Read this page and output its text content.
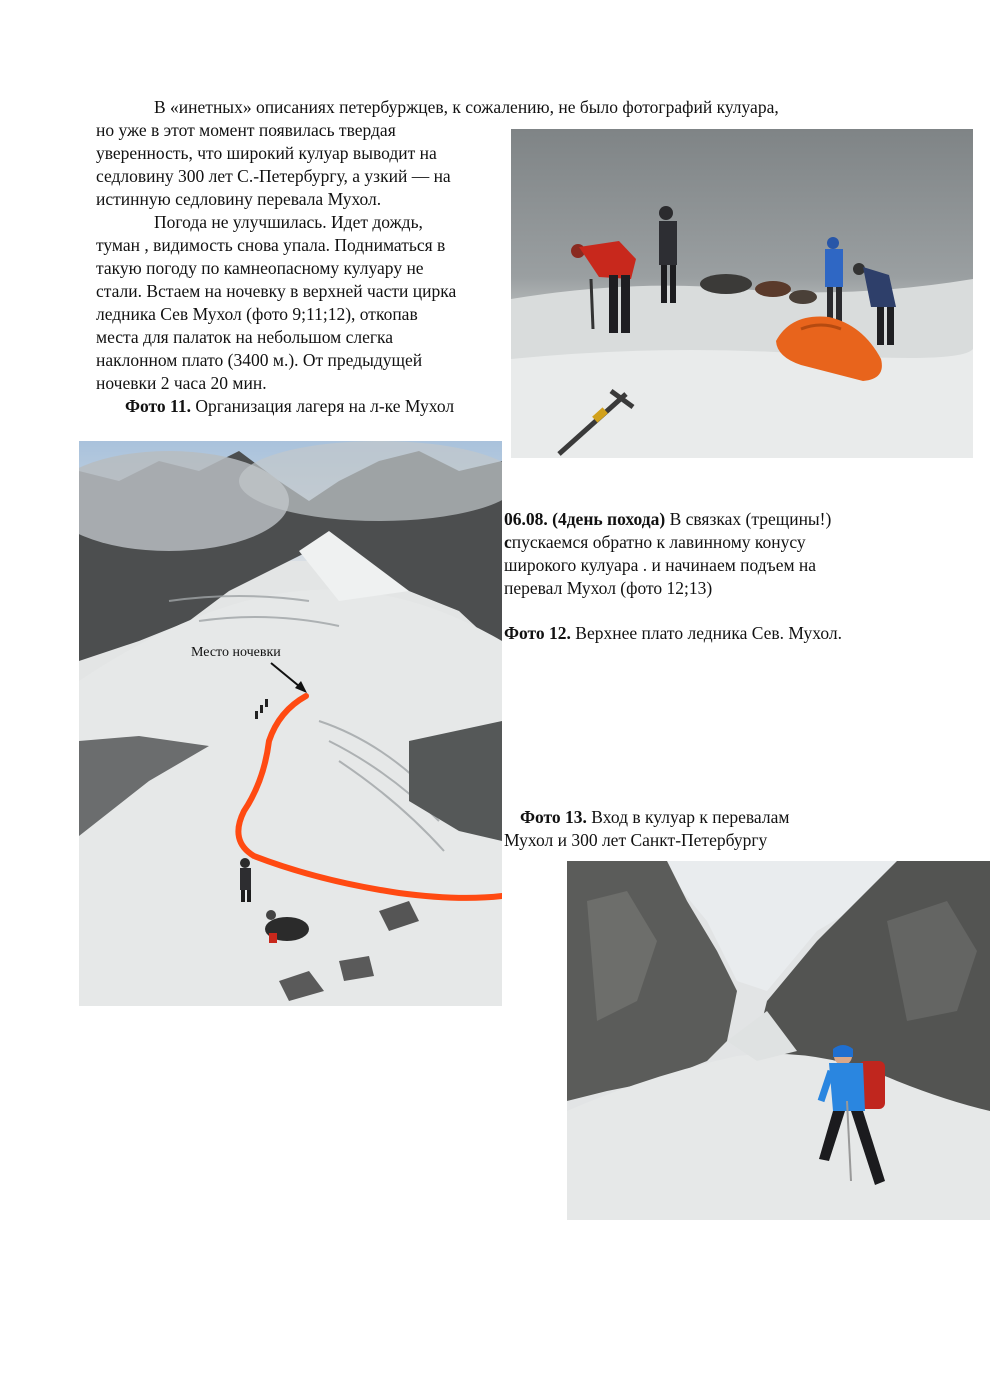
В «инетных» описаниях петербуржцев, к сожалению, не было фотографий кулуара,

но уже в этот момент появилась твердая
уверенность, что широкий кулуар выводит на
седловину 300 лет С.-Петербургу, а узкий — на
истинную седловину перевала Мухол.
Погода не улучшилась. Идет дождь,
туман , видимость снова упала. Подниматься в
такую погоду по камнеопасному кулуару не
стали. Встаем на ночевку в верхней части цирка
ледника Сев Мухол (фото 9;11;12), откопав
места для палаток на небольшом слегка
наклонном плато (3400 м.). От предыдущей
ночевки 2 часа 20 мин.
Фото 11. Организация лагеря на л-ке Мухол
Место ночевки
06.08. (4день похода) В связках (трещины!)
спускаемся обратно к лавинному конусу
широкого кулуара . и начинаем подъем на
перевал Мухол (фото 12;13)
Фото 12. Верхнее плато ледника Сев. Мухол.
Фото 13. Вход в кулуар к перевалам
Мухол и 300 лет Санкт-Петербургу
